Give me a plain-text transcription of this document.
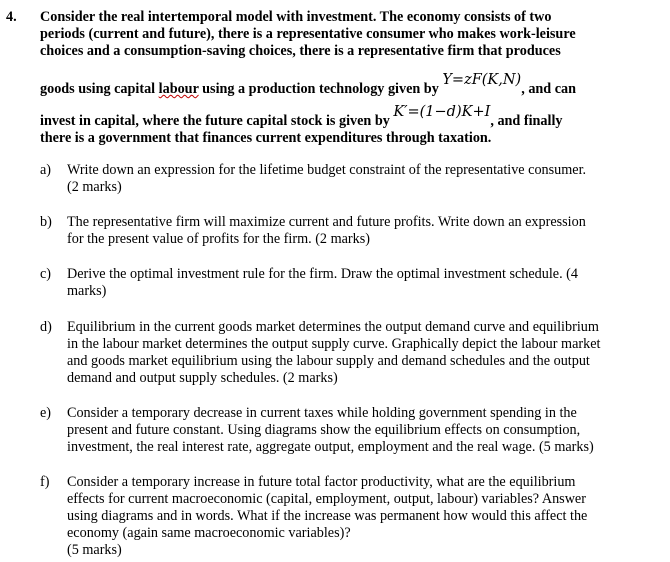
4. Consider the real intertemporal model with investment. The economy consists of two
periods (current and future), there is a representative consumer who makes work-leisure
choices and a consumption-saving choices, there is a representative firm that produces
goods using capital labour using a production technology given by Y=zF(K,N), and can
invest in capital, where the future capital stock is given by K′=(1−d)K+I, and finally
there is a government that finances current expenditures through taxation.
a) Write down an expression for the lifetime budget constraint of the representative consumer.
(2 marks)
b) The representative firm will maximize current and future profits. Write down an expression
for the present value of profits for the firm. (2 marks)
c) Derive the optimal investment rule for the firm. Draw the optimal investment schedule. (4
marks)
d) Equilibrium in the current goods market determines the output demand curve and equilibrium
in the labour market determines the output supply curve. Graphically depict the labour market
and goods market equilibrium using the labour supply and demand schedules and the output
demand and output supply schedules. (2 marks)
e) Consider a temporary decrease in current taxes while holding government spending in the
present and future constant. Using diagrams show the equilibrium effects on consumption,
investment, the real interest rate, aggregate output, employment and the real wage. (5 marks)
f) Consider a temporary increase in future total factor productivity, what are the equilibrium
effects for current macroeconomic (capital, employment, output, labour) variables? Answer
using diagrams and in words. What if the increase was permanent how would this affect the
economy (again same macroeconomic variables)?
(5 marks)
